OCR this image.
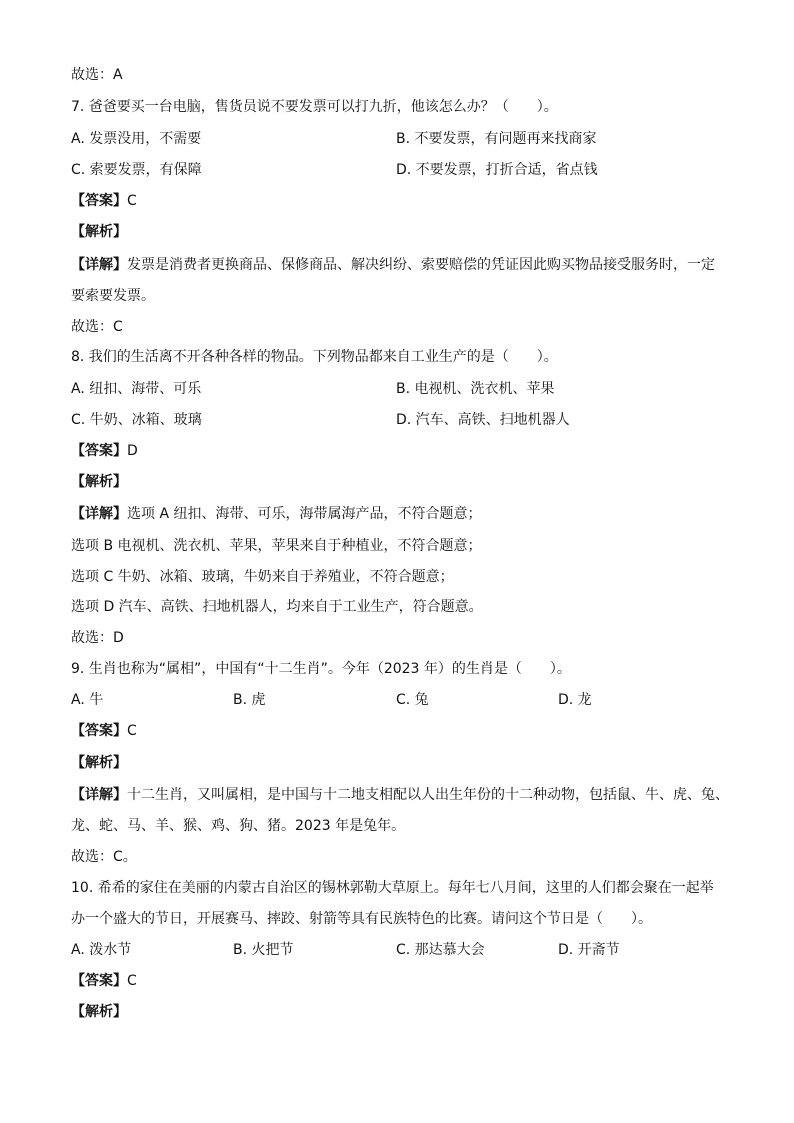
故选：A
7. 爸爸要买一台电脑，售货员说不要发票可以打九折，他该怎么办？（　　）。
A. 发票没用，不需要	B. 不要发票，有问题再来找商家
C. 索要发票，有保障	D. 不要发票，打折合适，省点钱
【答案】C
【解析】
【详解】发票是消费者更换商品、保修商品、解决纠纷、索要赔偿的凭证因此购买物品接受服务时，一定
要索要发票。
故选：C
8. 我们的生活离不开各种各样的物品。下列物品都来自工业生产的是（　　）。
A. 纽扣、海带、可乐	B. 电视机、洗衣机、苹果
C. 牛奶、冰箱、玻璃	D. 汽车、高铁、扫地机器人
【答案】D
【解析】
【详解】选项 A 纽扣、海带、可乐，海带属海产品，不符合题意；
选项 B 电视机、洗衣机、苹果，苹果来自于种植业，不符合题意；
选项 C 牛奶、冰箱、玻璃，牛奶来自于养殖业，不符合题意；
选项 D 汽车、高铁、扫地机器人，均来自于工业生产，符合题意。
故选：D
9. 生肖也称为“属相”，中国有“十二生肖”。今年（2023 年）的生肖是（　　）。
A. 牛	B. 虎	C. 兔	D. 龙
【答案】C
【解析】
【详解】十二生肖，又叫属相，是中国与十二地支相配以人出生年份的十二种动物，包括鼠、牛、虎、兔、
龙、蛇、马、羊、猴、鸡、狗、猪。2023 年是兔年。
故选：C。
10. 希希的家住在美丽的内蒙古自治区的锡林郭勒大草原上。每年七八月间，这里的人们都会聚在一起举
办一个盛大的节日，开展赛马、摔跤、射箭等具有民族特色的比赛。请问这个节日是（　　）。
A. 泼水节	B. 火把节	C. 那达慕大会	D. 开斋节
【答案】C
【解析】
